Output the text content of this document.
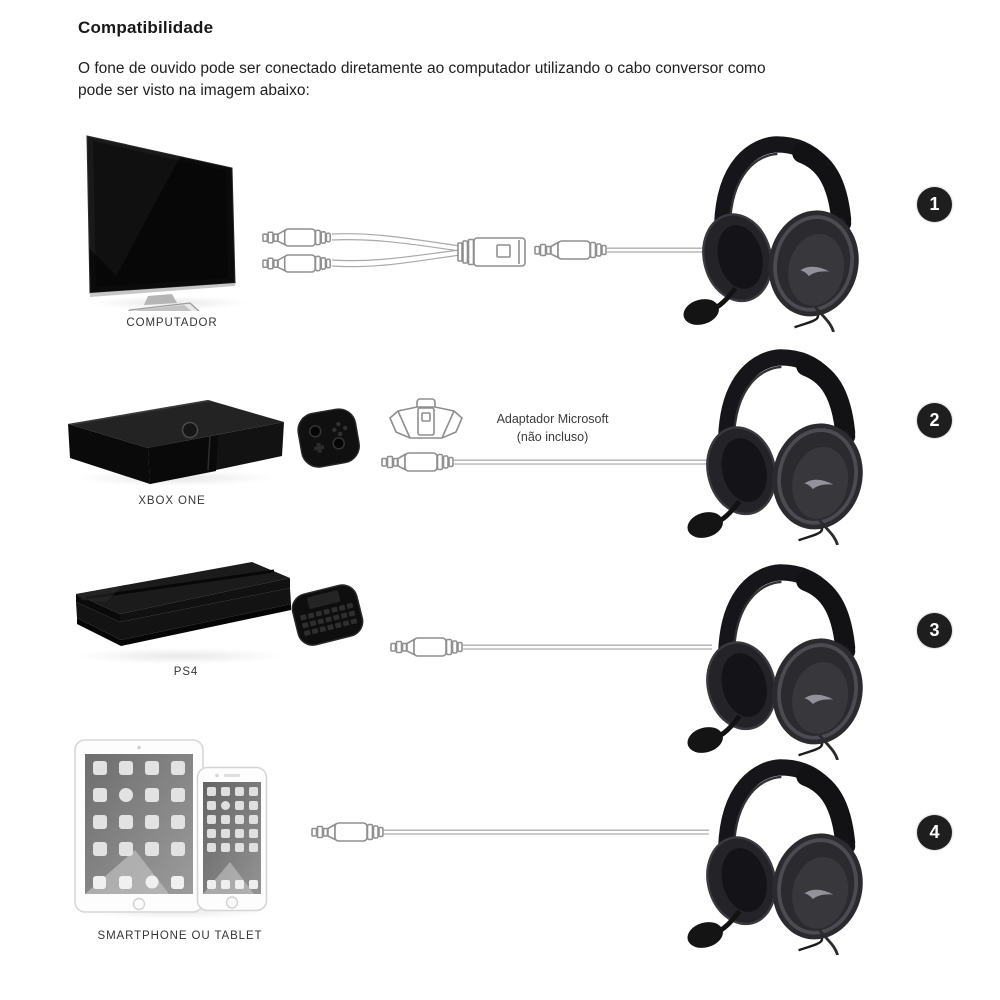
Compatibilidade
O fone de ouvido pode ser conectado diretamente ao computador utilizando o cabo conversor como
pode ser visto na imagem abaixo:
COMPUTADOR
1
XBOX ONE
Adaptador Microsoft
(não incluso)
2
PS4
3
SMARTPHONE OU TABLET
4
